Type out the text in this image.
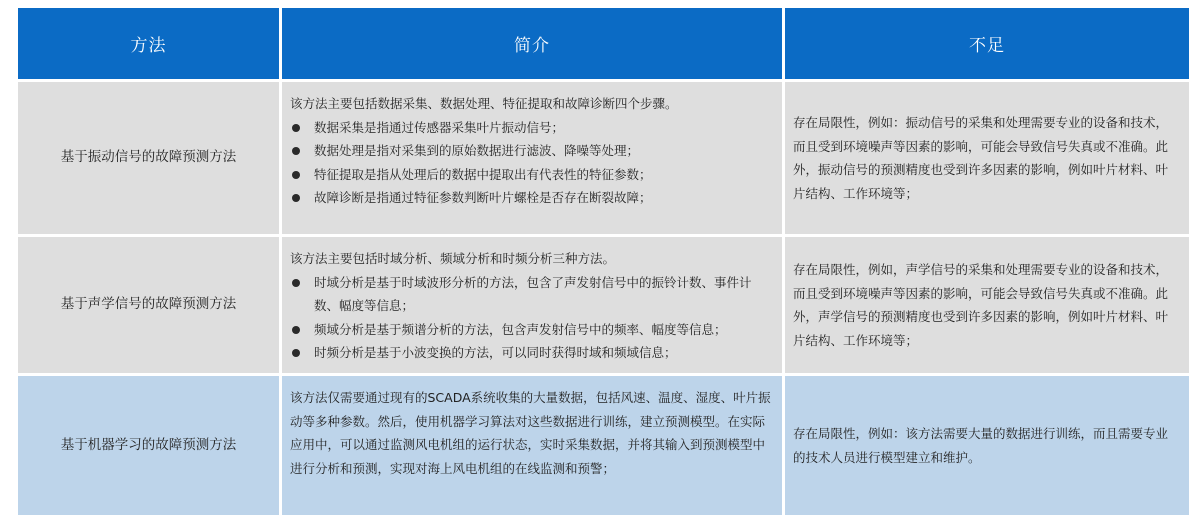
方法	简介	不足
基于振动信号的故障预测方法

该方法主要包括数据采集、数据处理、特征提取和故障诊断四个步骤。

数据采集是指通过传感器采集叶片振动信号；
数据处理是指对采集到的原始数据进行滤波、降噪等处理；
特征提取是指从处理后的数据中提取出有代表性的特征参数；
故障诊断是指通过特征参数判断叶片螺栓是否存在断裂故障；

存在局限性，例如：振动信号的采集和处理需要专业的设备和技术，而且受到环境噪声等因素的影响，可能会导致信号失真或不准确。此外，振动信号的预测精度也受到许多因素的影响，例如叶片材料、叶片结构、工作环境等；

基于声学信号的故障预测方法

该方法主要包括时域分析、频域分析和时频分析三种方法。

时域分析是基于时域波形分析的方法，包含了声发射信号中的振铃计数、事件计数、幅度等信息；
频域分析是基于频谱分析的方法，包含声发射信号中的频率、幅度等信息；
时频分析是基于小波变换的方法，可以同时获得时域和频域信息；

存在局限性，例如，声学信号的采集和处理需要专业的设备和技术，而且受到环境噪声等因素的影响，可能会导致信号失真或不准确。此外，声学信号的预测精度也受到许多因素的影响，例如叶片材料、叶片结构、工作环境等；

基于机器学习的故障预测方法

该方法仅需要通过现有的SCADA系统收集的大量数据，包括风速、温度、湿度、叶片振动等多种参数。然后，使用机器学习算法对这些数据进行训练，建立预测模型。在实际应用中，可以通过监测风电机组的运行状态，实时采集数据，并将其输入到预测模型中进行分析和预测，实现对海上风电机组的在线监测和预警；

存在局限性，例如：该方法需要大量的数据进行训练，而且需要专业的技术人员进行模型建立和维护。
